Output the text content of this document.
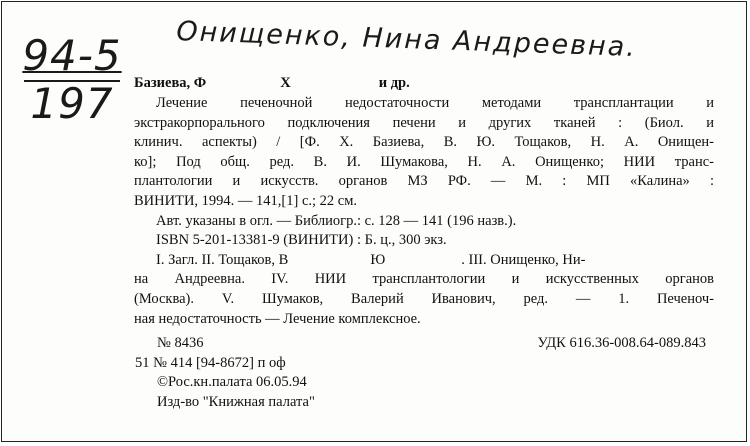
Онищенко, Нина Андреевна.
94-5
197	Базиева, Ф	Х	и др.
Лечение печеночной недостаточности методами трансплантации и
экстракорпорального подключения печени и других тканей : (Биол. и
клинич. аспекты) / [Ф. Х. Базиева, В. Ю. Тощаков, Н. А. Онищен-
ко]; Под общ. ред. В. И. Шумакова, Н. А. Онищенко; НИИ транс-
плантологии и искусств. органов МЗ РФ. — М. : МП «Калина» :
ВИНИТИ, 1994. — 141,[1] с.; 22 см.
Авт. указаны в огл. — Библиогр.: с. 128 — 141 (196 назв.).
ISBN 5-201-13381-9 (ВИНИТИ) : Б. ц., 300 экз.
I. Загл. II. Тощаков, В	Ю	. III. Онищенко, Ни-
на Андреевна. IV. НИИ трансплантологии и искусственных органов
(Москва). V. Шумаков, Валерий Иванович, ред. — 1. Печеноч-
ная недостаточность — Лечение комплексное.
№ 8436
51 № 414 [94-8672] п оф
©Рос.кн.палата 06.05.94
Изд-во "Книжная палата"
УДК 616.36-008.64-089.843
